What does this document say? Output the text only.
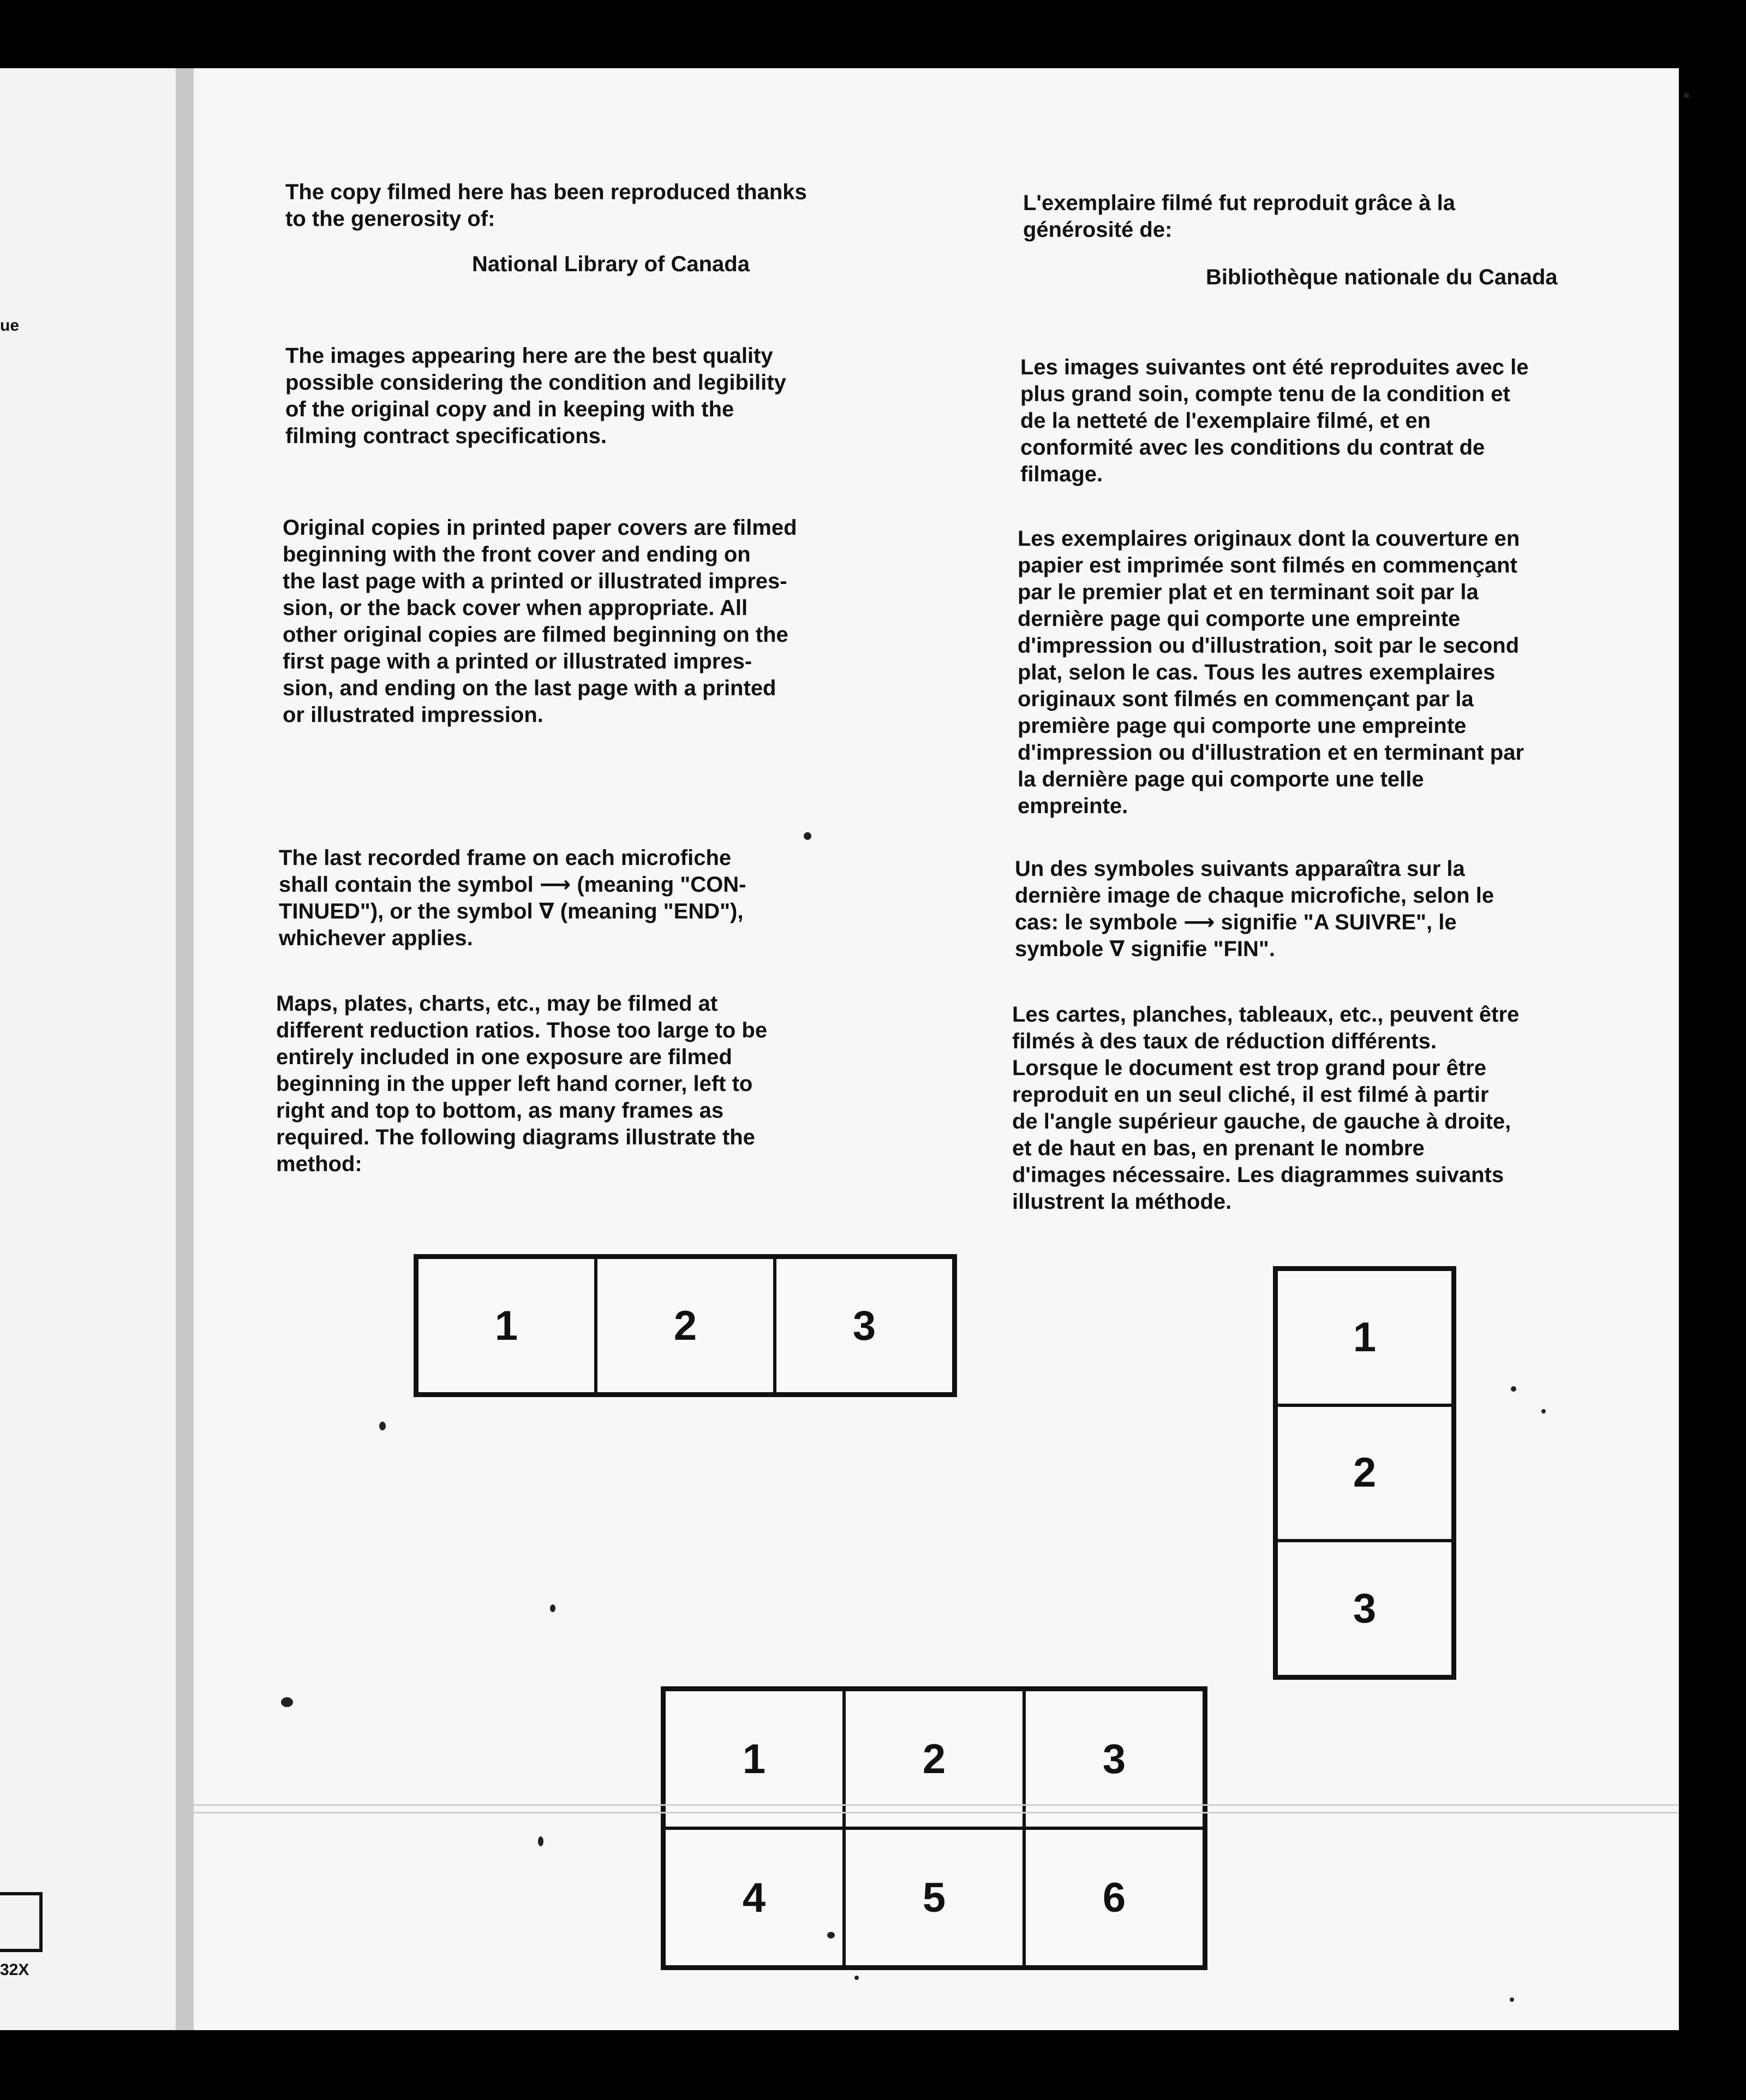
ue
32X

The copy filmed here has been reproduced thanks
to the generosity of:

National Library of Canada

The images appearing here are the best quality
possible considering the condition and legibility
of the original copy and in keeping with the
filming contract specifications.

Original copies in printed paper covers are filmed
beginning with the front cover and ending on
the last page with a printed or illustrated impres-
sion, or the back cover when appropriate. All
other original copies are filmed beginning on the
first page with a printed or illustrated impres-
sion, and ending on the last page with a printed
or illustrated impression.

The last recorded frame on each microfiche
shall contain the symbol ⟶ (meaning "CON-
TINUED"), or the symbol ∇ (meaning "END"),
whichever applies.

Maps, plates, charts, etc., may be filmed at
different reduction ratios. Those too large to be
entirely included in one exposure are filmed
beginning in the upper left hand corner, left to
right and top to bottom, as many frames as
required. The following diagrams illustrate the
method:

L'exemplaire filmé fut reproduit grâce à la
générosité de:

Bibliothèque nationale du Canada

Les images suivantes ont été reproduites avec le
plus grand soin, compte tenu de la condition et
de la netteté de l'exemplaire filmé, et en
conformité avec les conditions du contrat de
filmage.

Les exemplaires originaux dont la couverture en
papier est imprimée sont filmés en commençant
par le premier plat et en terminant soit par la
dernière page qui comporte une empreinte
d'impression ou d'illustration, soit par le second
plat, selon le cas. Tous les autres exemplaires
originaux sont filmés en commençant par la
première page qui comporte une empreinte
d'impression ou d'illustration et en terminant par
la dernière page qui comporte une telle
empreinte.

Un des symboles suivants apparaîtra sur la
dernière image de chaque microfiche, selon le
cas: le symbole ⟶ signifie "A SUIVRE", le
symbole ∇ signifie "FIN".

Les cartes, planches, tableaux, etc., peuvent être
filmés à des taux de réduction différents.
Lorsque le document est trop grand pour être
reproduit en un seul cliché, il est filmé à partir
de l'angle supérieur gauche, de gauche à droite,
et de haut en bas, en prenant le nombre
d'images nécessaire. Les diagrammes suivants
illustrent la méthode.

1	2	3	1
2
3
1	2	3
4	5	6
